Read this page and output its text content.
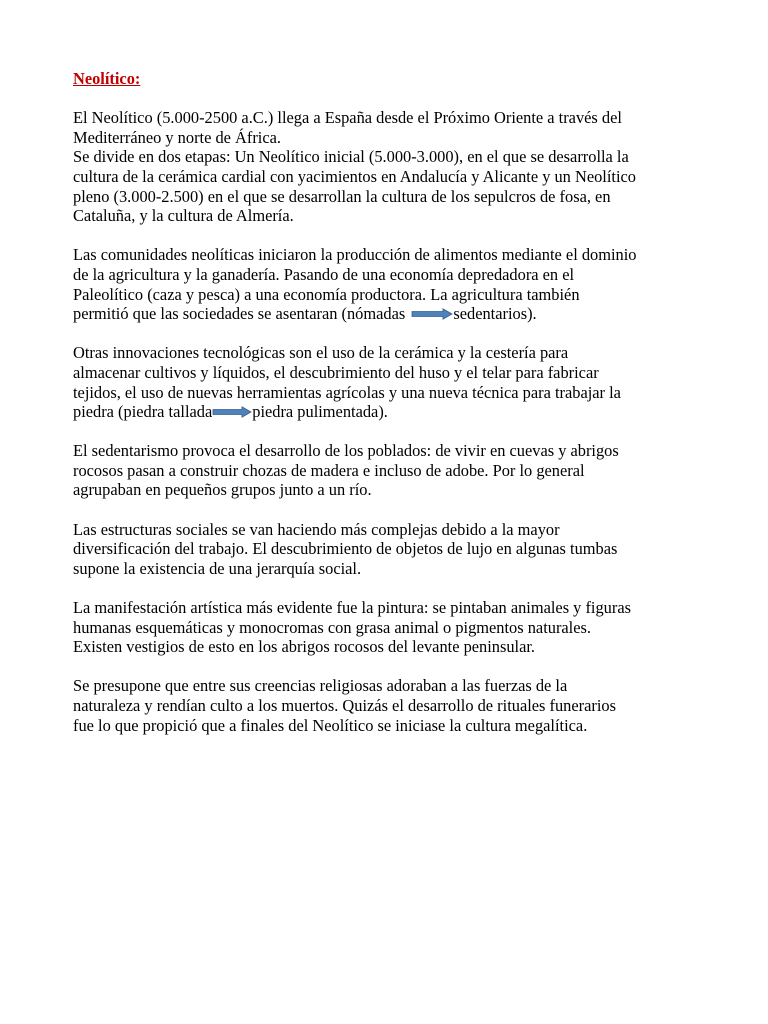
Neolítico:
El Neolítico (5.000-2500 a.C.) llega a España desde el Próximo Oriente a través del
Mediterráneo y norte de África.
Se divide en dos etapas: Un Neolítico inicial (5.000-3.000), en el que se desarrolla la
cultura de la cerámica cardial con yacimientos en Andalucía y Alicante y un Neolítico
pleno (3.000-2.500) en el que se desarrollan la cultura de los sepulcros de fosa, en
Cataluña, y la cultura de Almería.
Las comunidades neolíticas iniciaron la producción de alimentos mediante el dominio
de la agricultura y la ganadería. Pasando de una economía depredadora en el
Paleolítico (caza y pesca) a una economía productora. La agricultura también
permitió que las sociedades se asentaran (nómadas	sedentarios).
Otras innovaciones tecnológicas son el uso de la cerámica y la cestería para
almacenar cultivos y líquidos, el descubrimiento del huso y el telar para fabricar
tejidos, el uso de nuevas herramientas agrícolas y una nueva técnica para trabajar la
piedra (piedra tallada piedra pulimentada).
El sedentarismo provoca el desarrollo de los poblados: de vivir en cuevas y abrigos
rocosos pasan a construir chozas de madera e incluso de adobe. Por lo general
agrupaban en pequeños grupos junto a un río.
Las estructuras sociales se van haciendo más complejas debido a la mayor
diversificación del trabajo. El descubrimiento de objetos de lujo en algunas tumbas
supone la existencia de una jerarquía social.
La manifestación artística más evidente fue la pintura: se pintaban animales y figuras
humanas esquemáticas y monocromas con grasa animal o pigmentos naturales.
Existen vestigios de esto en los abrigos rocosos del levante peninsular.
Se presupone que entre sus creencias religiosas adoraban a las fuerzas de la
naturaleza y rendían culto a los muertos. Quizás el desarrollo de rituales funerarios
fue lo que propició que a finales del Neolítico se iniciase la cultura megalítica.
